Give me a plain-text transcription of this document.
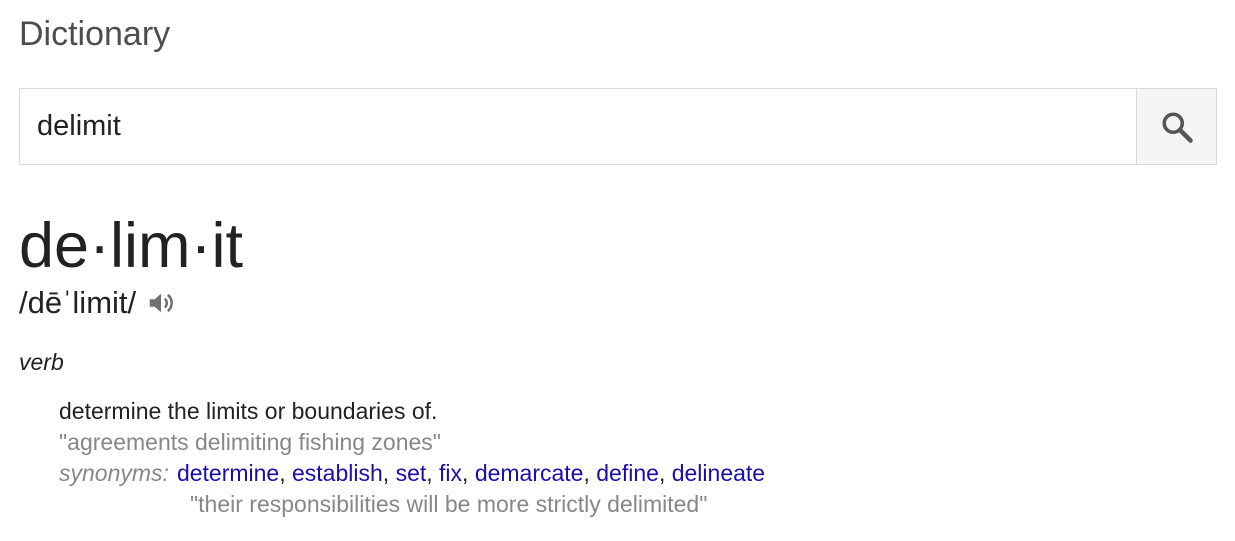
Dictionary
delimit
de·lim·it
/dēˈlimit/
verb
determine the limits or boundaries of.
"agreements delimiting fishing zones"
synonyms: determine, establish, set, fix, demarcate, define, delineate
"their responsibilities will be more strictly delimited"
